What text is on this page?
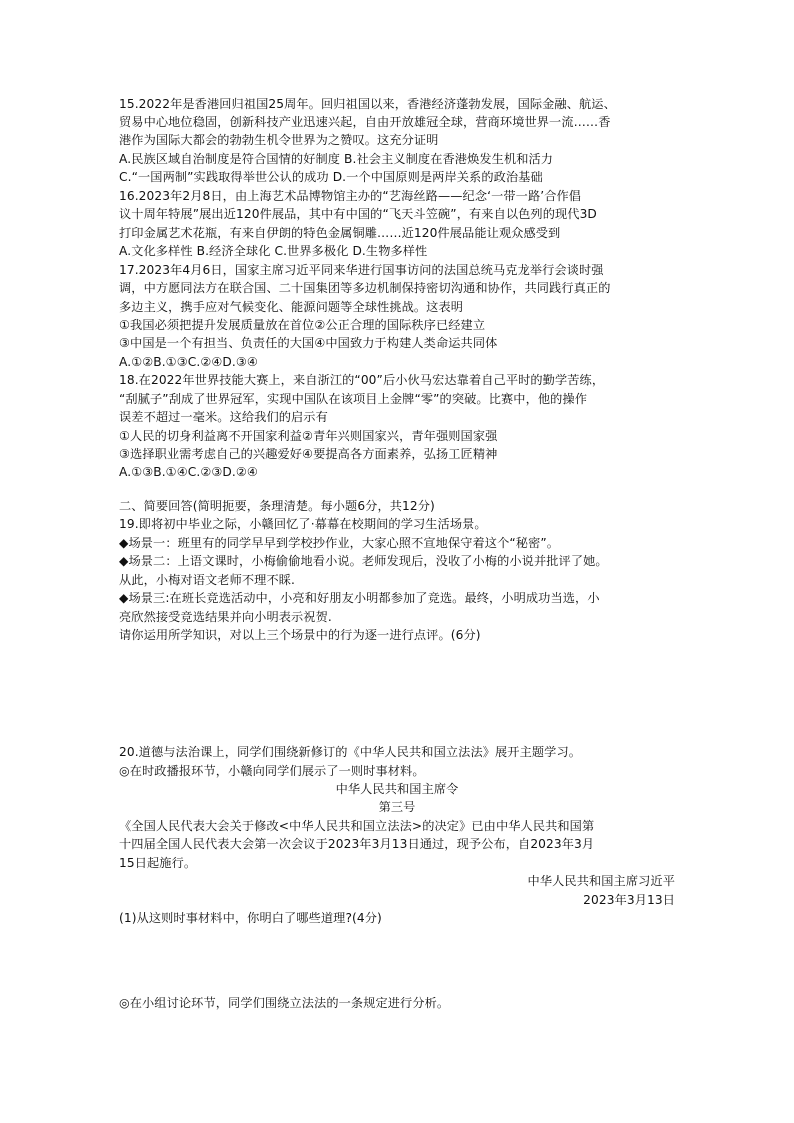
15.2022年是香港回归祖国25周年。回归祖国以来，香港经济蓬勃发展，国际金融、航运、
贸易中心地位稳固，创新科技产业迅速兴起，自由开放雄冠全球，营商环境世界一流……香
港作为国际大都会的勃勃生机令世界为之赞叹。这充分证明
A.民族区域自治制度是符合国情的好制度 B.社会主义制度在香港焕发生机和活力
C.“一国两制”实践取得举世公认的成功 D.一个中国原则是两岸关系的政治基础
16.2023年2月8日，由上海艺术品博物馆主办的“艺海丝路——纪念‘一带一路’合作倡
议十周年特展”展出近120件展品，其中有中国的“飞天斗笠碗”，有来自以色列的现代3D
打印金属艺术花瓶，有来自伊朗的特色金属铜雕……近120件展品能让观众感受到
A.文化多样性 B.经济全球化 C.世界多极化 D.生物多样性
17.2023年4月6日，国家主席习近平同来华进行国事访问的法国总统马克龙举行会谈时强
调，中方愿同法方在联合国、二十国集团等多边机制保持密切沟通和协作，共同践行真正的
多边主义，携手应对气候变化、能源问题等全球性挑战。这表明
①我国必须把提升发展质量放在首位②公正合理的国际秩序已经建立
③中国是一个有担当、负责任的大国④中国致力于构建人类命运共同体
A.①②B.①③C.②④D.③④
18.在2022年世界技能大赛上，来自浙江的“00”后小伙马宏达靠着自己平时的勤学苦练，
“刮腻子”刮成了世界冠军，实现中国队在该项目上金牌“零”的突破。比赛中，他的操作
误差不超过一毫米。这给我们的启示有
①人民的切身利益离不开国家利益②青年兴则国家兴，青年强则国家强
③选择职业需考虑自己的兴趣爱好④要提高各方面素养，弘扬工匠精神
A.①③B.①④C.②③D.②④
二、简要回答(简明扼要，条理清楚。每小题6分，共12分)
19.即将初中毕业之际，小赣回忆了·幕幕在校期间的学习生活场景。
◆场景一：班里有的同学早早到学校抄作业，大家心照不宣地保守着这个“秘密”。
◆场景二：上语文课时，小梅偷偷地看小说。老师发现后，没收了小梅的小说并批评了她。
从此，小梅对语文老师不理不睬.
◆场景三:在班长竞选活动中，小亮和好朋友小明都参加了竞选。最终，小明成功当选，小
亮欣然接受竞选结果并向小明表示祝贺.
请你运用所学知识，对以上三个场景中的行为逐一进行点评。(6分)
20.道德与法治课上，同学们围绕新修订的《中华人民共和国立法法》展开主题学习。
◎在时政播报环节，小赣向同学们展示了一则时事材料。
中华人民共和国主席令
第三号
《全国人民代表大会关于修改<中华人民共和国立法法>的决定》已由中华人民共和国第
十四届全国人民代表大会第一次会议于2023年3月13日通过，现予公布，自2023年3月
15日起施行。
中华人民共和国主席习近平
2023年3月13日
(1)从这则时事材料中，你明白了哪些道理?(4分)
◎在小组讨论环节，同学们围绕立法法的一条规定进行分析。
